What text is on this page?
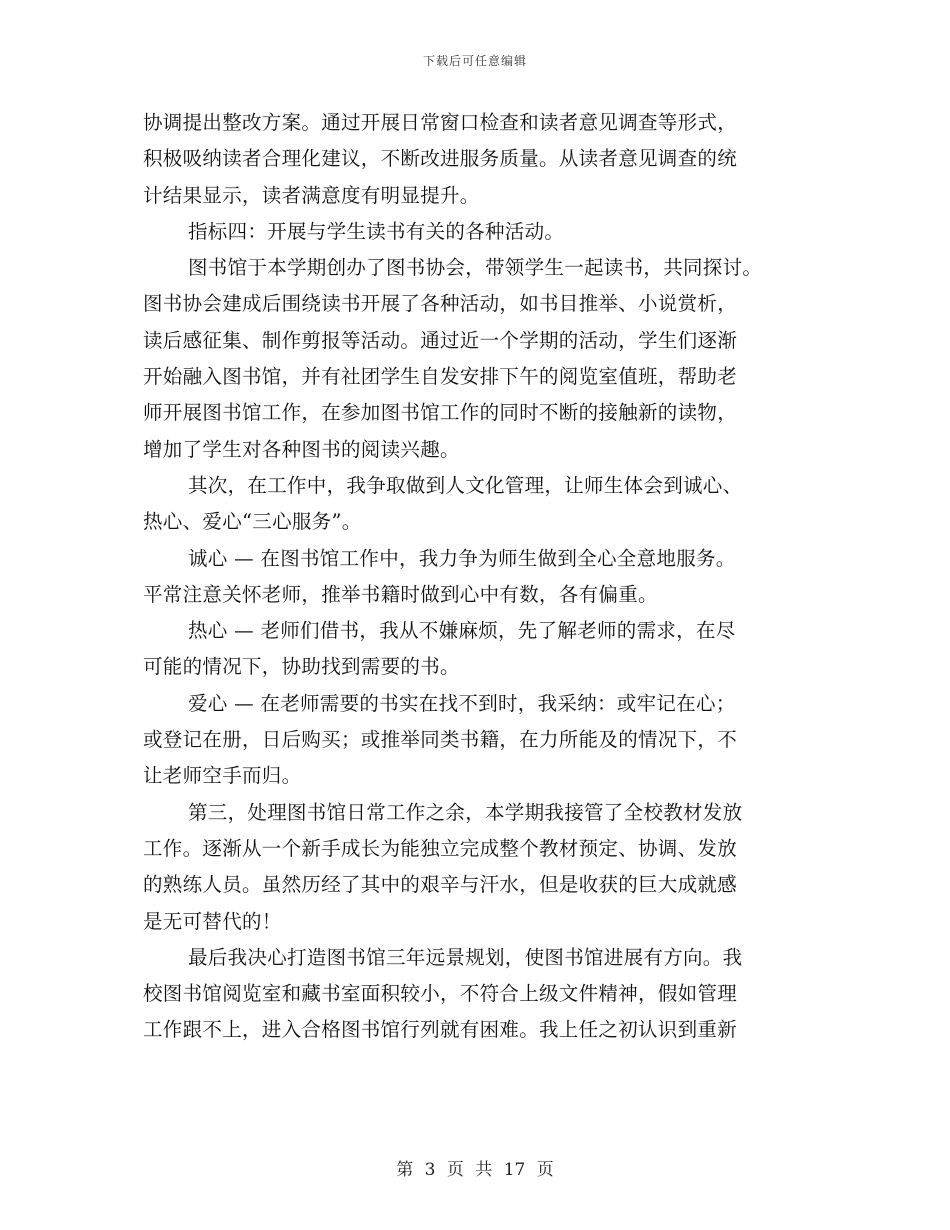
下载后可任意编辑
协调提出整改方案。通过开展日常窗口检查和读者意见调查等形式，
积极吸纳读者合理化建议，不断改进服务质量。从读者意见调查的统
计结果显示，读者满意度有明显提升。
指标四：开展与学生读书有关的各种活动。
图书馆于本学期创办了图书协会，带领学生一起读书，共同探讨。
图书协会建成后围绕读书开展了各种活动，如书目推举、小说赏析，
读后感征集、制作剪报等活动。通过近一个学期的活动，学生们逐渐
开始融入图书馆，并有社团学生自发安排下午的阅览室值班，帮助老
师开展图书馆工作，在参加图书馆工作的同时不断的接触新的读物，
增加了学生对各种图书的阅读兴趣。
其次，在工作中，我争取做到人文化管理，让师生体会到诚心、
热心、爱心“三心服务”。
诚心 — 在图书馆工作中，我力争为师生做到全心全意地服务。
平常注意关怀老师，推举书籍时做到心中有数，各有偏重。
热心 — 老师们借书，我从不嫌麻烦，先了解老师的需求，在尽
可能的情况下，协助找到需要的书。
爱心 — 在老师需要的书实在找不到时，我采纳：或牢记在心；
或登记在册，日后购买；或推举同类书籍，在力所能及的情况下，不
让老师空手而归。
第三，处理图书馆日常工作之余，本学期我接管了全校教材发放
工作。逐渐从一个新手成长为能独立完成整个教材预定、协调、发放
的熟练人员。虽然历经了其中的艰辛与汗水，但是收获的巨大成就感
是无可替代的！
最后我决心打造图书馆三年远景规划，使图书馆进展有方向。我
校图书馆阅览室和藏书室面积较小，不符合上级文件精神，假如管理
工作跟不上，进入合格图书馆行列就有困难。我上任之初认识到重新
第 3 页 共 17 页
